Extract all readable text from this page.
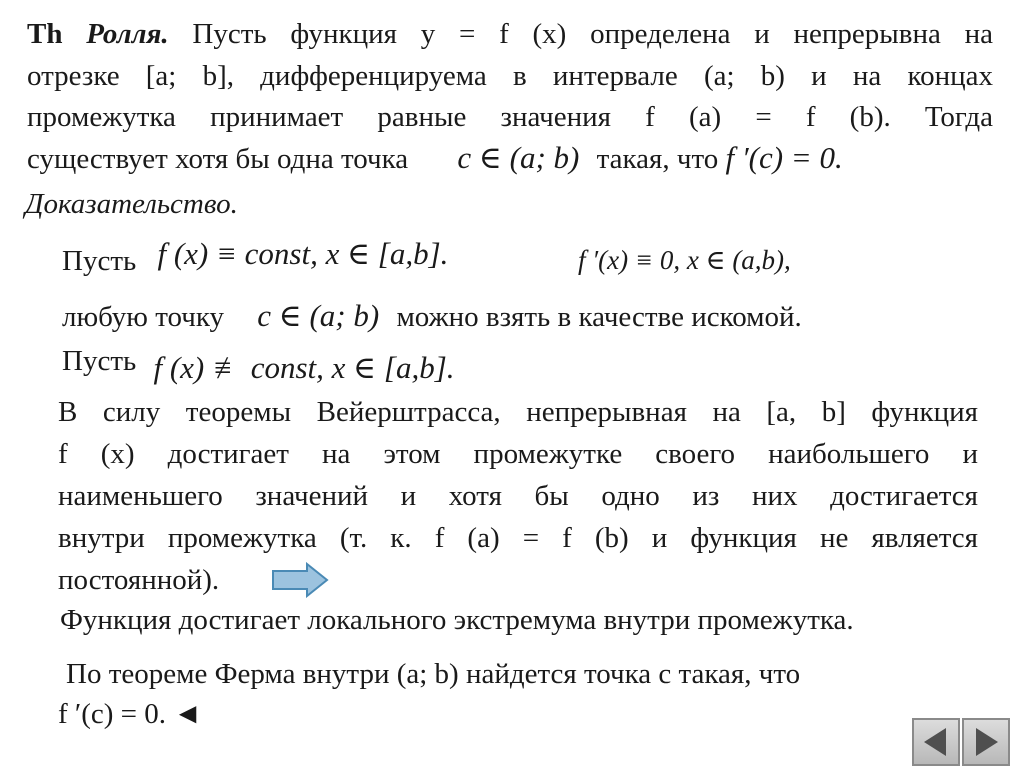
Th Ролля. Пусть функция y = f (x) определена и непрерывна на
отрезке [a; b], дифференцируема в интервале (a; b) и на концах
промежутка принимает равные значения f (a) = f (b). Тогда
существует хотя бы одна точка c ∈ (a; b) такая, что f ′(c) = 0.
Доказательство.
Пусть f (x) ≡ const, x ∈ [a,b].	f ′(x) ≡ 0, x ∈ (a,b),
любую точку c ∈ (a; b) можно взять в качестве искомой.
Пусть f (x) ≢ const, x ∈ [a,b].
В силу теоремы Вейерштрасса, непрерывная на [a, b] функция
f (x) достигает на этом промежутке своего наибольшего и
наименьшего значений и хотя бы одно из них достигается
внутри промежутка (т. к. f (a) = f (b) и функция не является
постоянной).
Функция достигает локального экстремума внутри промежутка.
По теореме Ферма внутри (a; b) найдется точка c такая, что
f ′(c) = 0. ◄
